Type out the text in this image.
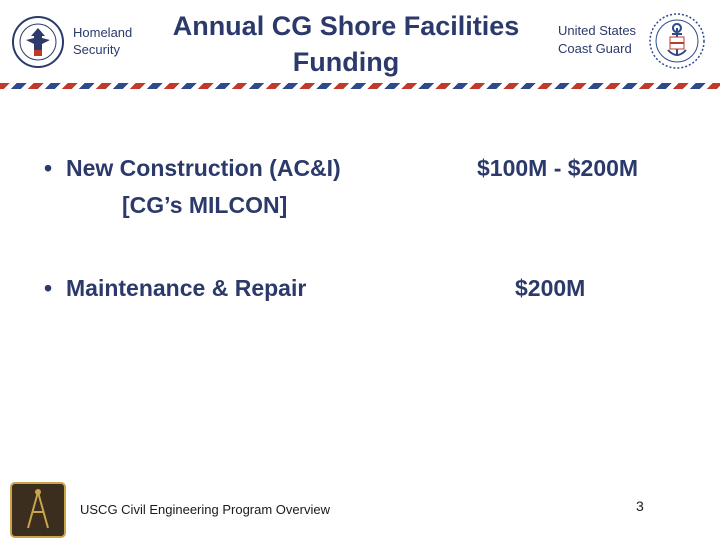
Homeland
Security
Annual CG Shore Facilities
Funding
United States
Coast Guard
• New Construction (AC&I)
[CG’s MILCON]
$100M - $200M
• Maintenance & Repair	$200M
USCG Civil Engineering Program Overview	3
